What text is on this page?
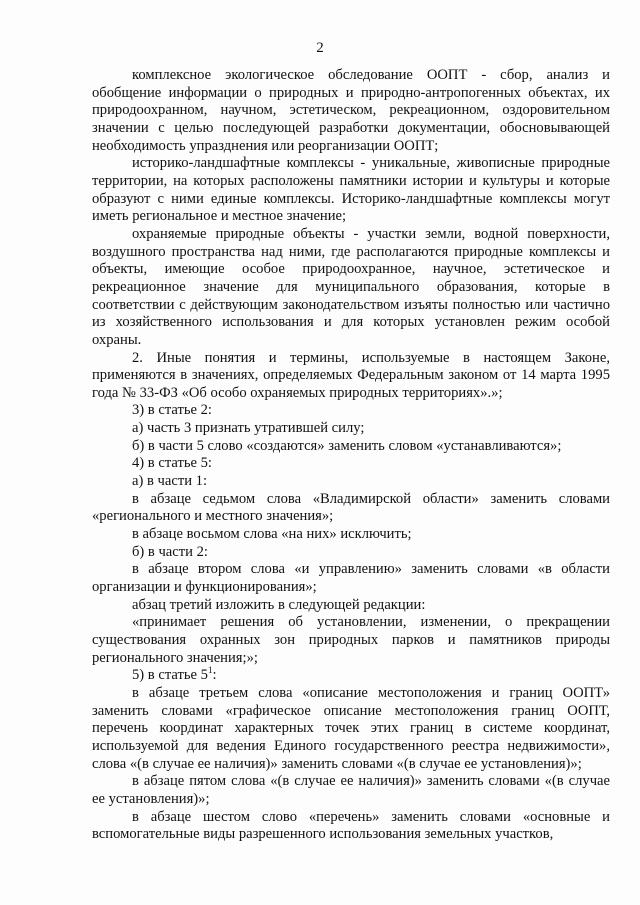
2

комплексное экологическое обследование ООПТ - сбор, анализ и обобщение информации о природных и природно-антропогенных объектах, их природоохранном, научном, эстетическом, рекреационном, оздоровительном значении с целью последующей разработки документации, обосновывающей необходимость упразднения или реорганизации ООПТ;

историко-ландшафтные комплексы - уникальные, живописные природные территории, на которых расположены памятники истории и культуры и которые образуют с ними единые комплексы. Историко-ландшафтные комплексы могут иметь региональное и местное значение;

охраняемые природные объекты - участки земли, водной поверхности, воздушного пространства над ними, где располагаются природные комплексы и объекты, имеющие особое природоохранное, научное, эстетическое и рекреационное значение для муниципального образования, которые в соответствии с действующим законодательством изъяты полностью или частично из хозяйственного использования и для которых установлен режим особой охраны.

2. Иные понятия и термины, используемые в настоящем Законе, применяются в значениях, определяемых Федеральным законом от 14 марта 1995 года № 33-ФЗ «Об особо охраняемых природных территориях».»;

3) в статье 2:

а) часть 3 признать утратившей силу;

б) в части 5 слово «создаются» заменить словом «устанавливаются»;

4) в статье 5:

а) в части 1:

в абзаце седьмом слова «Владимирской области» заменить словами «регионального и местного значения»;

в абзаце восьмом слова «на них» исключить;

б) в части 2:

в абзаце втором слова «и управлению» заменить словами «в области организации и функционирования»;

абзац третий изложить в следующей редакции:

«принимает решения об установлении, изменении, о прекращении существования охранных зон природных парков и памятников природы регионального значения;»;

5) в статье $5^1$:

в абзаце третьем слова «описание местоположения и границ ООПТ» заменить словами «графическое описание местоположения границ ООПТ, перечень координат характерных точек этих границ в системе координат, используемой для ведения Единого государственного реестра недвижимости», слова «(в случае ее наличия)» заменить словами «(в случае ее установления)»;

в абзаце пятом слова «(в случае ее наличия)» заменить словами «(в случае ее установления)»;

в абзаце шестом слово «перечень» заменить словами «основные и вспомогательные виды разрешенного использования земельных участков,
